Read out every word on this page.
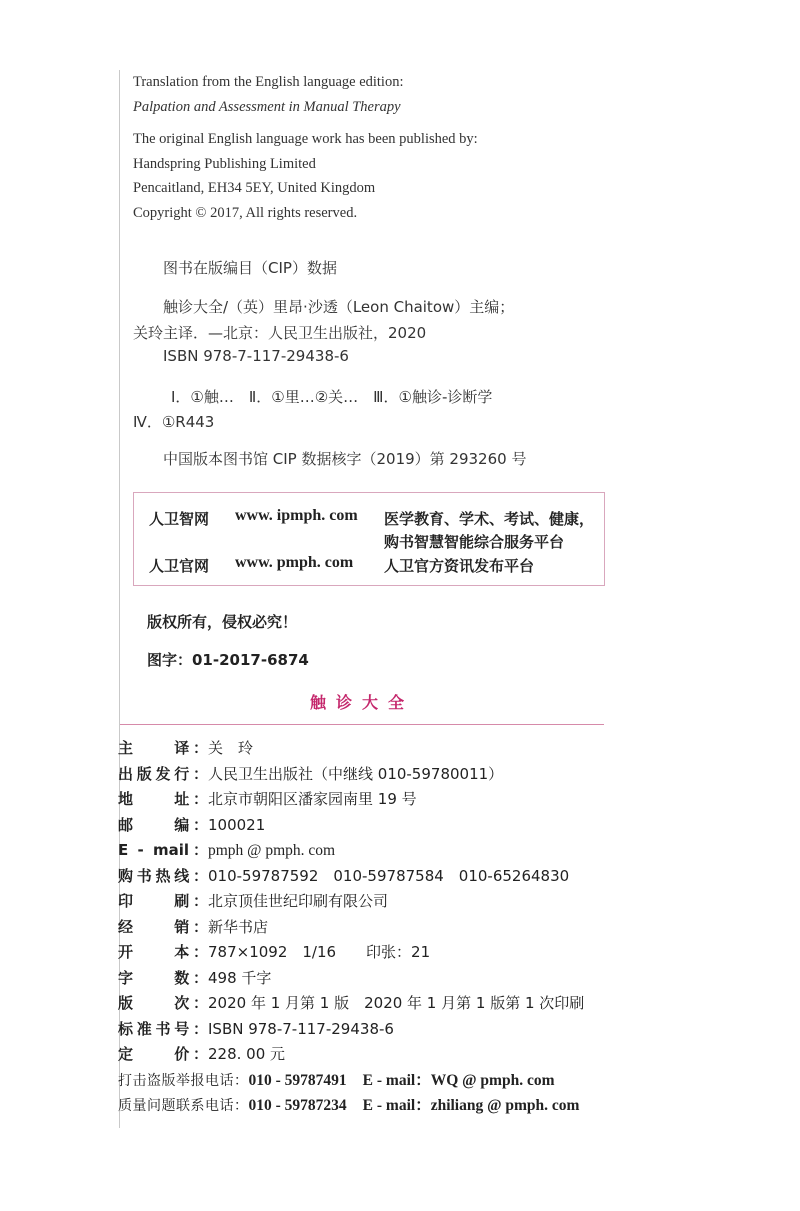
Translation from the English language edition:
Palpation and Assessment in Manual Therapy
The original English language work has been published by:
Handspring Publishing Limited
Pencaitland, EH34 5EY, United Kingdom
Copyright © 2017, All rights reserved.
图书在版编目（CIP）数据
触诊大全/（英）里昂·沙透（Leon Chaitow）主编；
关玲主译．—北京：人民卫生出版社，2020
ISBN 978-7-117-29438-6
Ⅰ．①触…　Ⅱ．①里…②关…　Ⅲ．①触诊-诊断学
Ⅳ．①R443
中国版本图书馆 CIP 数据核字（2019）第 293260 号
人卫智网 www. ipmph. com 医学教育、学术、考试、健康，
购书智慧智能综合服务平台
人卫官网 www. pmph. com 人卫官方资讯发布平台
版权所有，侵权必究！
图字：01-2017-6874
触诊大全
主　　译： 关　玲
出版发行： 人民卫生出版社（中继线 010-59780011）
地　　址： 北京市朝阳区潘家园南里 19 号
邮　　编： 100021
E - mail： pmph @ pmph. com
购书热线： 010-59787592　010-59787584　010-65264830
印　　刷： 北京顶佳世纪印刷有限公司
经　　销： 新华书店
开　　本： 787×1092　1/16　　印张：21
字　　数： 498 千字
版　　次： 2020 年 1 月第 1 版　2020 年 1 月第 1 版第 1 次印刷
标准书号： ISBN 978-7-117-29438-6
定　　价： 228. 00 元
打击盗版举报电话：010 - 59787491 E - mail：WQ @ pmph. com
质量问题联系电话：010 - 59787234 E - mail：zhiliang @ pmph. com
